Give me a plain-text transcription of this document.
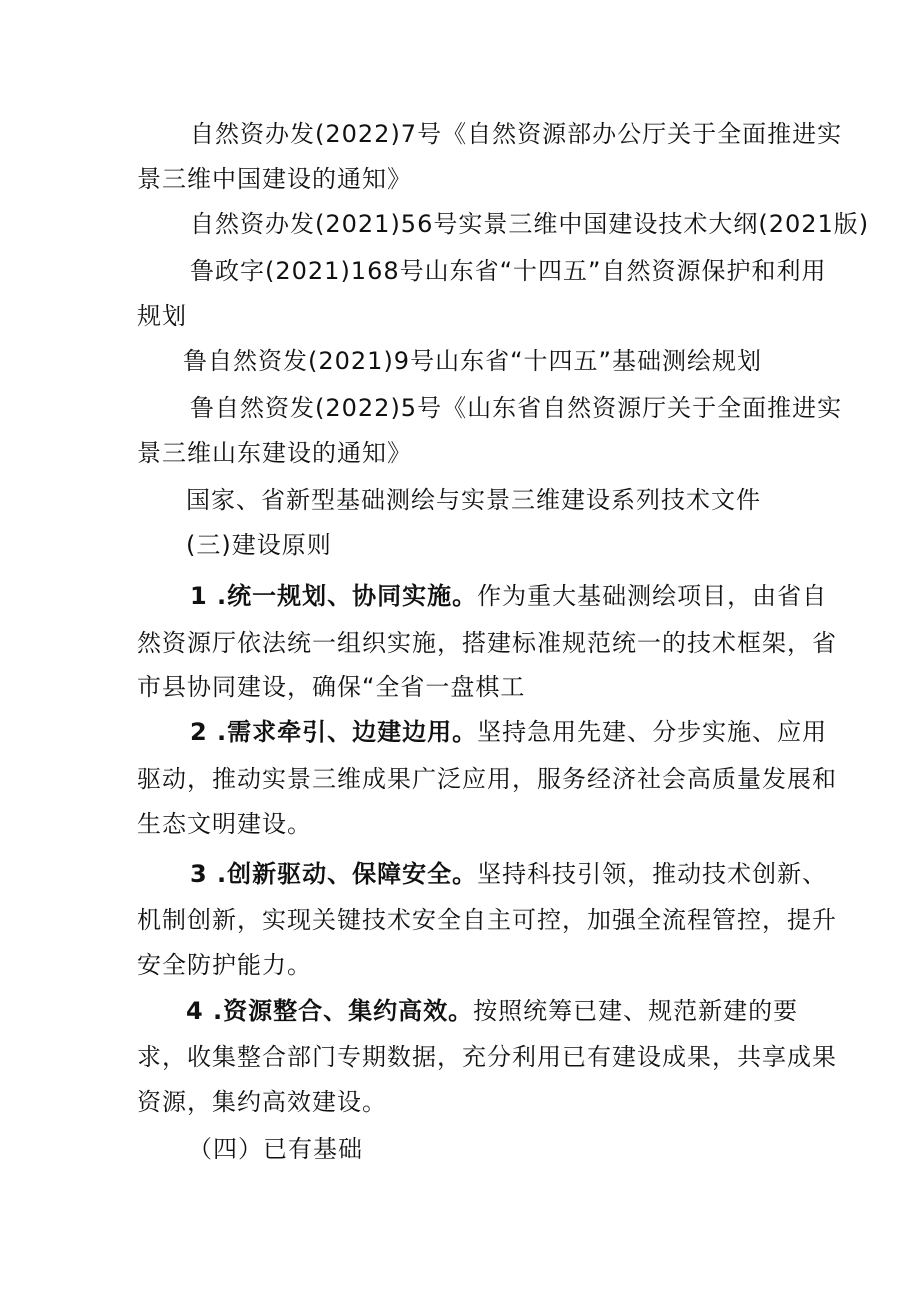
自然资办发(2022)7号《自然资源部办公厅关于全面推进实
景三维中国建设的通知》
自然资办发(2021)56号实景三维中国建设技术大纲(2021版)
鲁政字(2021)168号山东省“十四五”自然资源保护和利用
规划
鲁自然资发(2021)9号山东省“十四五”基础测绘规划
鲁自然资发(2022)5号《山东省自然资源厅关于全面推进实
景三维山东建设的通知》
国家、省新型基础测绘与实景三维建设系列技术文件
(三)建设原则
1 .统一规划、协同实施。作为重大基础测绘项目，由省自
然资源厅依法统一组织实施，搭建标准规范统一的技术框架，省
市县协同建设，确保“全省一盘棋工
2 .需求牵引、边建边用。坚持急用先建、分步实施、应用
驱动，推动实景三维成果广泛应用，服务经济社会高质量发展和
生态文明建设。
3 .创新驱动、保障安全。坚持科技引领，推动技术创新、
机制创新，实现关键技术安全自主可控，加强全流程管控，提升
安全防护能力。
4 .资源整合、集约高效。按照统筹已建、规范新建的要
求，收集整合部门专期数据，充分利用已有建设成果，共享成果
资源，集约高效建设。
（四）已有基础
